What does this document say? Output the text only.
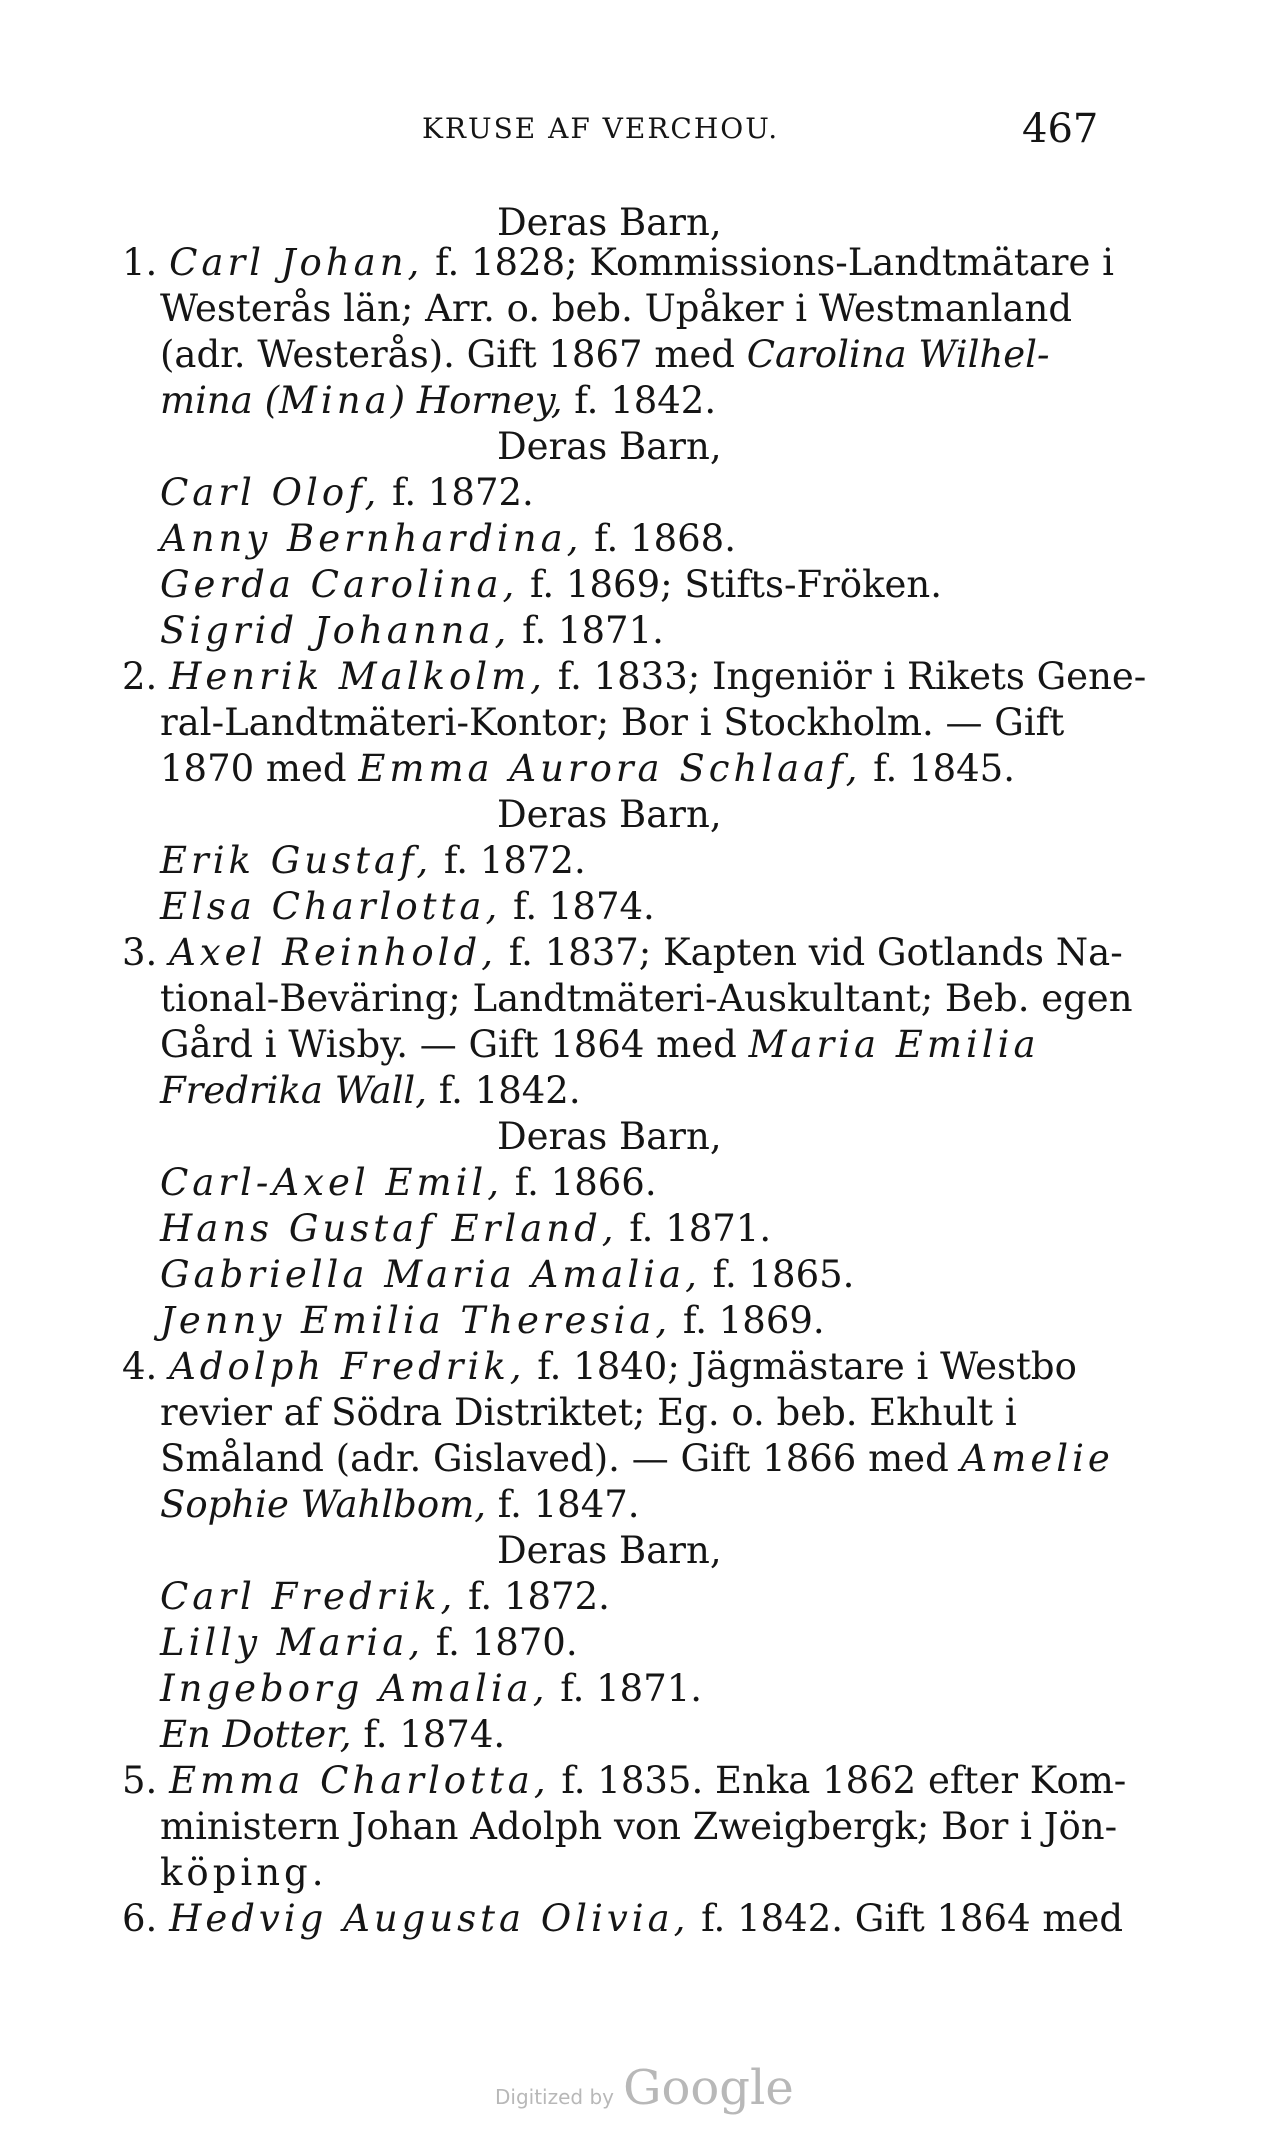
KRUSE AF VERCHOU.	467
Deras Barn,
1. Carl Johan, f. 1828; Kommissions-Landtmätare i
Westerås län; Arr. o. beb. Upåker i Westmanland
(adr. Westerås). Gift 1867 med Carolina Wilhel-
mina (Mina) Horney, f. 1842.
Deras Barn,
Carl Olof, f. 1872.
Anny Bernhardina, f. 1868.
Gerda Carolina, f. 1869; Stifts-Fröken.
Sigrid Johanna, f. 1871.
2. Henrik Malkolm, f. 1833; Ingeniör i Rikets Gene-
ral-Landtmäteri-Kontor; Bor i Stockholm. — Gift
1870 med Emma Aurora Schlaaf, f. 1845.
Deras Barn,
Erik Gustaf, f. 1872.
Elsa Charlotta, f. 1874.
3. Axel Reinhold, f. 1837; Kapten vid Gotlands Na-
tional-Beväring; Landtmäteri-Auskultant; Beb. egen
Gård i Wisby. — Gift 1864 med Maria Emilia
Fredrika Wall, f. 1842.
Deras Barn,
Carl-Axel Emil, f. 1866.
Hans Gustaf Erland, f. 1871.
Gabriella Maria Amalia, f. 1865.
Jenny Emilia Theresia, f. 1869.
4. Adolph Fredrik, f. 1840; Jägmästare i Westbo
revier af Södra Distriktet; Eg. o. beb. Ekhult i
Småland (adr. Gislaved). — Gift 1866 med Amelie
Sophie Wahlbom, f. 1847.
Deras Barn,
Carl Fredrik, f. 1872.
Lilly Maria, f. 1870.
Ingeborg Amalia, f. 1871.
En Dotter, f. 1874.
5. Emma Charlotta, f. 1835. Enka 1862 efter Kom-
ministern Johan Adolph von Zweigbergk; Bor i Jön-
köping.
6. Hedvig Augusta Olivia, f. 1842. Gift 1864 med
Digitized by Google
